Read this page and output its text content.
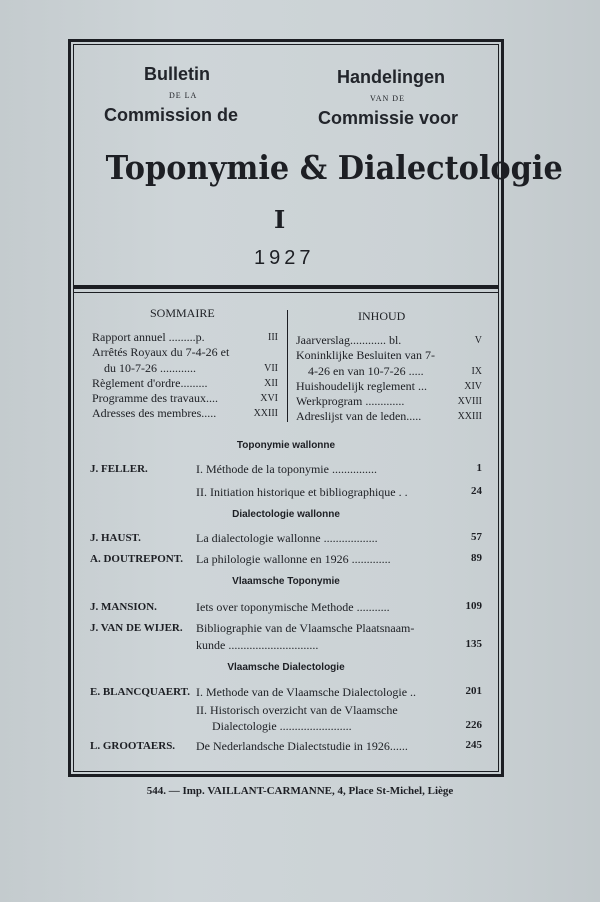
Bulletin
DE LA
Commission de
Handelingen
VAN DE
Commissie voor
Toponymie & Dialectologie
I
1927
SOMMAIRE
Rapport annuel .........p.	III
Arrêtés Royaux du 7-4-26 et
du 10-7-26 ............	VII
Règlement d'ordre.........	XII
Programme des travaux....	XVI
Adresses des membres.....	XXIII
INHOUD
Jaarverslag............ bl.	V
Koninklijke Besluiten van 7-
4-26 en van 10-7-26 .....	IX
Huishoudelijk reglement ...	XIV
Werkprogram .............	XVIII
Adreslijst van de leden.....	XXIII
Toponymie wallonne
J. FELLER.	I. Méthode de la toponymie ...............	1
II. Initiation historique et bibliographique . .	24
Dialectologie wallonne
J. HAUST.	La dialectologie wallonne ..................	57
A. DOUTREPONT. La philologie wallonne en 1926 .............	89
Vlaamsche Toponymie
J. MANSION.	Iets over toponymische Methode ...........	109
J. VAN DE WIJER. Bibliographie van de Vlaamsche Plaatsnaam-
kunde ..............................	135
Vlaamsche Dialectologie
E. BLANCQUAERT. I. Methode van de Vlaamsche Dialectologie ..	201
II. Historisch overzicht van de Vlaamsche
Dialectologie ........................	226
L. GROOTAERS. De Nederlandsche Dialectstudie in 1926......	245
544. — Imp. VAILLANT-CARMANNE, 4, Place St-Michel, Liège
